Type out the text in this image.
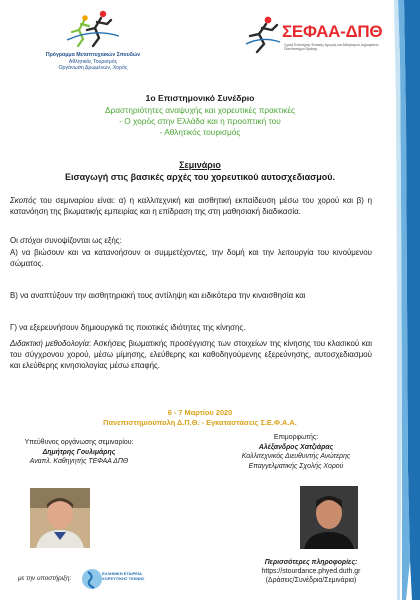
Πρόγραμμα Μεταπτυχιακών Σπουδών
Αθλητικός Τουρισμός
Οργάνωση Δρωμένων, Χορός
ΣΕΦΑΑ-ΔΠΘ
Σχολή Επιστήμης Φυσικής Αγωγής και Αθλητισμού Δημοκρίτειο Πανεπιστήμιο Θράκης
1ο Επιστημονικό Συνέδριο
Δραστηριότητες αναψυχής και χορευτικές πρακτικές
- Ο χορός στην Ελλάδα και η προοπτική του
- Αθλητικός τουρισμός
Σεμινάριο
Εισαγωγή στις βασικές αρχές του χορευτικού αυτοσχεδιασμού.
Σκοπός του σεμιναρίου είναι: α) η καλλιτεχνική και αισθητική εκπαίδευση μέσω του χορού και β) η κατανόηση της βιωματικής εμπειρίας και η επίδραση της στη μαθησιακή διαδικασία.
Οι στόχοι συνοψίζονται ως εξής:
Α) να βιώσουν και να κατανοήσουν οι συμμετέχοντες, την δομή και την λειτουργία του κινούμενου σώματος.
Β) να αναπτύξουν την αισθητηριακή τους αντίληψη και ειδικότερα την κιναισθησία και
Γ) να εξερευνήσουν δημιουργικά τις ποιοτικές ιδιότητες της κίνησης.
Διδακτική μεθοδολογία: Ασκήσεις βιωματικής προσέγγισης των στοιχείων της κίνησης του κλασικού και του σύγχρονου χορού, μέσω μίμησης, ελεύθερης και καθοδηγούμενης εξερεύνησης, αυτοσχεδιασμού και ελεύθερης κινησιολογίας μέσω επαφής.
6 - 7 Μαρτίου 2020
Πανεπιστημιούπολη Δ.Π.Θ. - Εγκαταστάσεις Σ.Ε.Φ.Α.Α.
Υπεύθυνος οργάνωσης σεμιναρίου:
Δημήτρης Γουλιμάρης
Αναπλ. Καθηγητής ΤΕΦΑΑ ΔΠΘ
Επιμορφωτής:
Αλέξανδρος Χατζιάρας
Καλλιτεχνικός Διευθυντής Ανώτερης
Επαγγελματικής Σχολής Χορού
με την υποστήριξη:
ΕΛΛΗΝΙΚΗ ΕΤΑΙΡΕΙΑ ΧΟΡΕΥΤΙΚΗΣ ΤΕΧΝΗΣ
Περισσότερες πληροφορίες:
https://stourdance.phyed.duth.gr
(Δράσεις/Συνέδρια/Σεμινάρια)
